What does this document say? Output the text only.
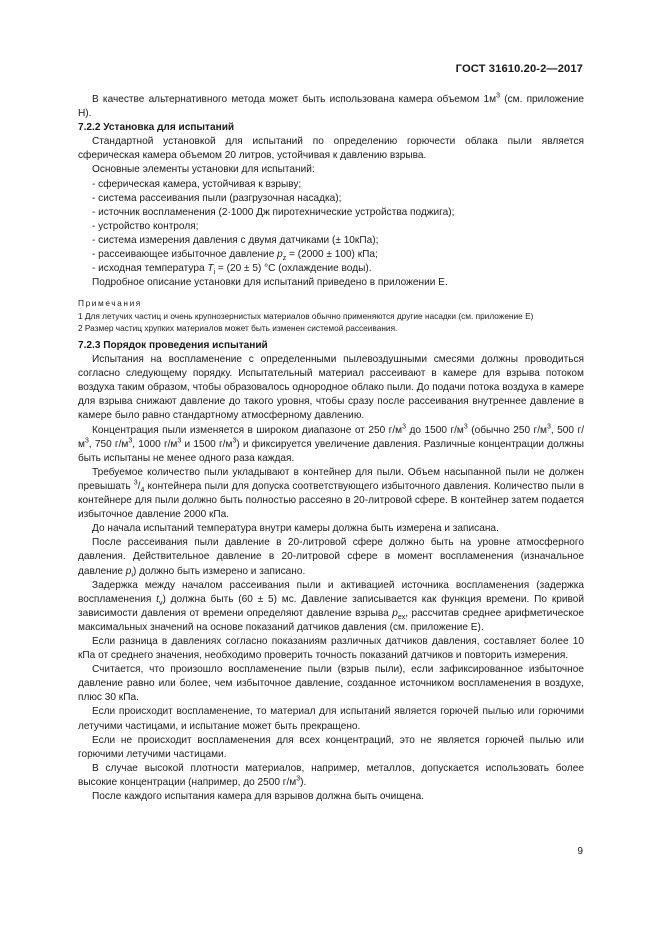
ГОСТ 31610.20-2—2017

В качестве альтернативного метода может быть использована камера объемом $1м^3$ (см. приложение Н).

7.2.2 Установка для испытаний

Стандартной установкой для испытаний по определению горючести облака пыли является сферическая камера объемом 20 литров, устойчивая к давлению взрыва.

Основные элементы установки для испытаний:

- сферическая камера, устойчивая к взрыву;

- система рассеивания пыли (разгрузочная насадка);

- источник воспламенения (2·1000 Дж пиротехнические устройства поджига);

- устройство контроля;

- система измерения давления с двумя датчиками (± 10кПа);

- рассеивающее избыточное давление $p_z = (2000 \pm 100)$ кПа;

- исходная температура $T_i = (20 \pm 5)$ °С (охлаждение воды).

Подробное описание установки для испытаний приведено в приложении Е.

Примечания

1 Для летучих частиц и очень крупнозернистых материалов обычно применяются другие насадки (см. приложение Е)

2 Размер частиц хрупких материалов может быть изменен системой рассеивания.

7.2.3 Порядок проведения испытаний

Испытания на воспламенение с определенными пылевоздушными смесями должны проводиться согласно следующему порядку. Испытательный материал рассеивают в камере для взрыва потоком воздуха таким образом, чтобы образовалось однородное облако пыли. До подачи потока воздуха в камере для взрыва снижают давление до такого уровня, чтобы сразу после рассеивания внутреннее давление в камере было равно стандартному атмосферному давлению.

Концентрация пыли изменяется в широком диапазоне от 250 $г/м^3$ до 1500 $г/м^3$ (обычно 250 $г/м^3$, 500 $г/м^3$, 750 $г/м^3$, 1000 $г/м^3$ и 1500 $г/м^3$) и фиксируется увеличение давления. Различные концентрации должны быть испытаны не менее одного раза каждая.

Требуемое количество пыли укладывают в контейнер для пыли. Объем насыпанной пыли не должен превышать $^3/_4$ контейнера пыли для допуска соответствующего избыточного давления. Количество пыли в контейнере для пыли должно быть полностью рассеяно в 20-литровой сфере. В контейнер затем подается избыточное давление 2000 кПа.

До начала испытаний температура внутри камеры должна быть измерена и записана.

После рассеивания пыли давление в 20-литровой сфере должно быть на уровне атмосферного давления. Действительное давление в 20-литровой сфере в момент воспламенения (изначальное давление $p_i$) должно быть измерено и записано.

Задержка между началом рассеивания пыли и активацией источника воспламенения (задержка воспламенения $t_v$) должна быть (60 ± 5) мс. Давление записывается как функция времени. По кривой зависимости давления от времени определяют давление взрыва $p_{ex}$, рассчитав среднее арифметическое максимальных значений на основе показаний датчиков давления (см. приложение Е).

Если разница в давлениях согласно показаниям различных датчиков давления, составляет более 10 кПа от среднего значения, необходимо проверить точность показаний датчиков и повторить измерения.

Считается, что произошло воспламенение пыли (взрыв пыли), если зафиксированное избыточное давление равно или более, чем избыточное давление, созданное источником воспламенения в воздухе, плюс 30 кПа.

Если происходит воспламенение, то материал для испытаний является горючей пылью или горючими летучими частицами, и испытание может быть прекращено.

Если не происходит воспламенения для всех концентраций, это не является горючей пылью или горючими летучими частицами.

В случае высокой плотности материалов, например, металлов, допускается использовать более высокие концентрации (например, до 2500 $г/м^3$).

После каждого испытания камера для взрывов должна быть очищена.

9
